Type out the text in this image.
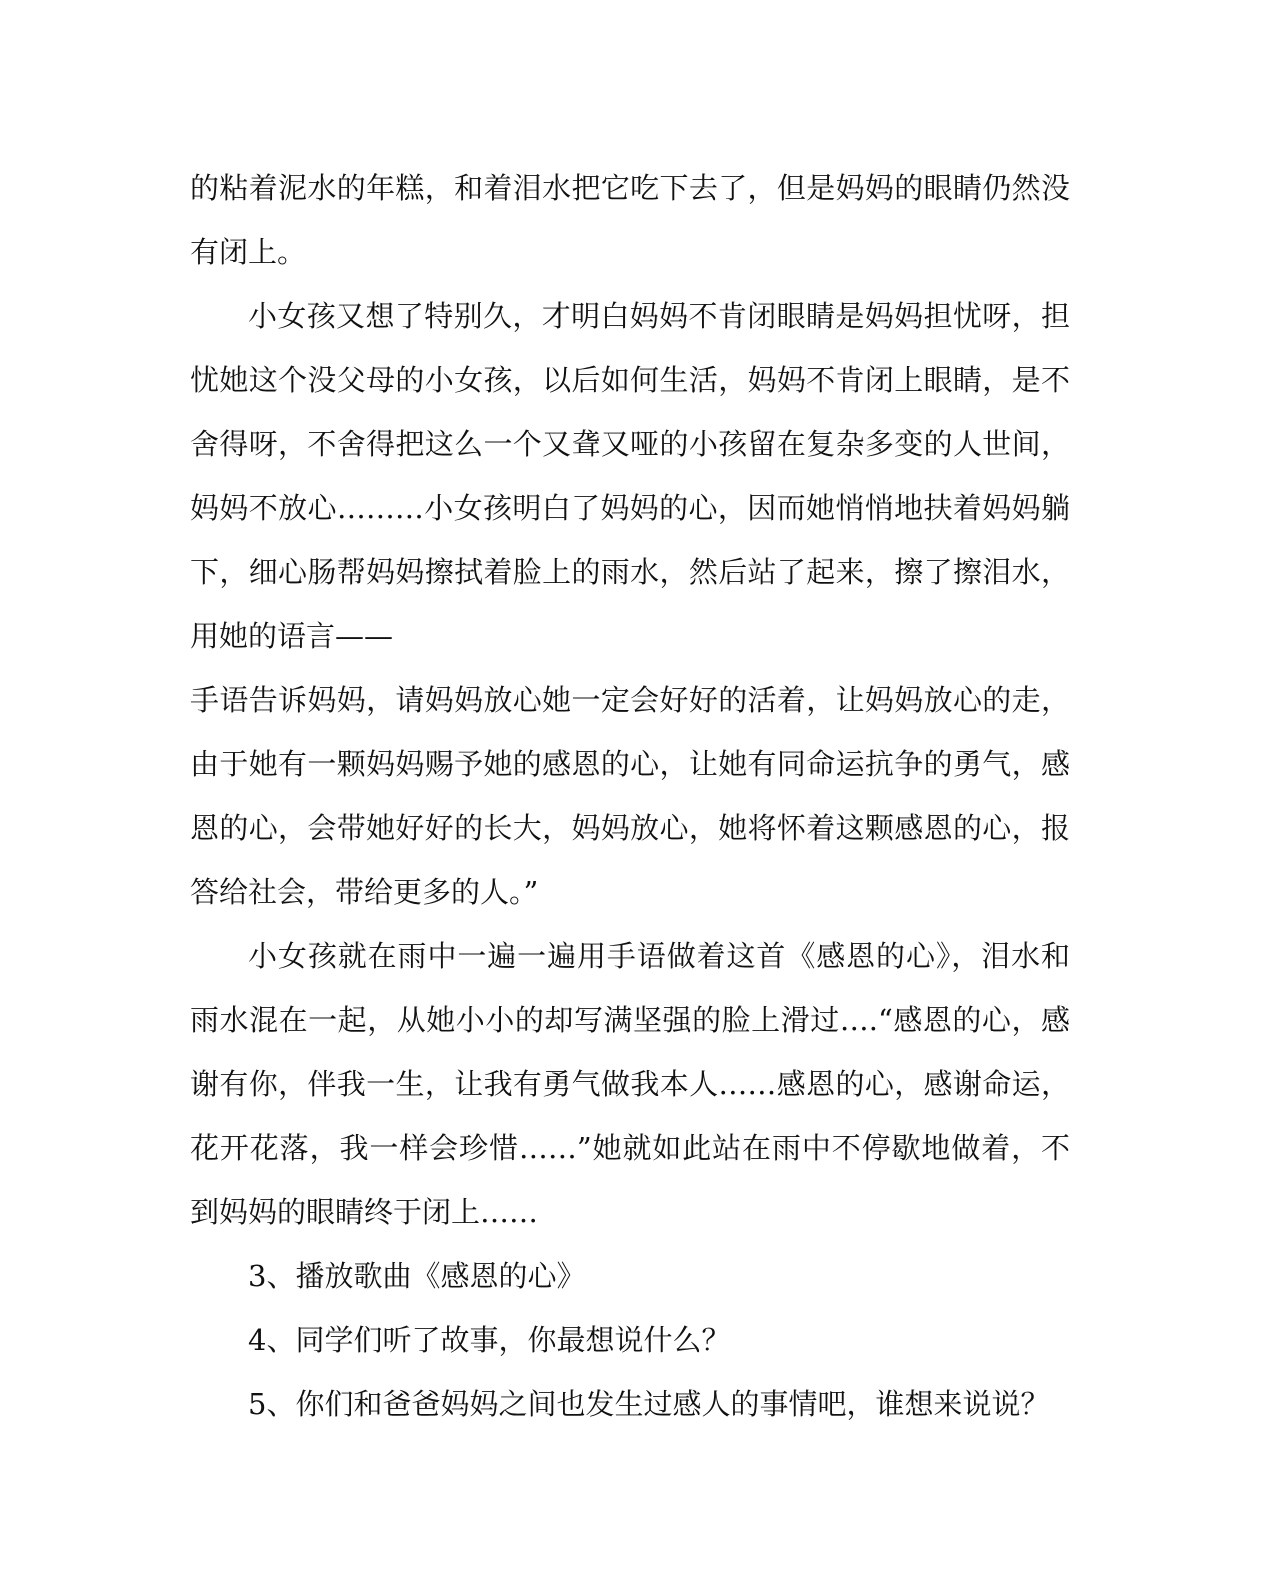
的粘着泥水的年糕，和着泪水把它吃下去了，但是妈妈的眼睛仍然没
有闭上。
小女孩又想了特别久，才明白妈妈不肯闭眼睛是妈妈担忧呀，担
忧她这个没父母的小女孩，以后如何生活，妈妈不肯闭上眼睛，是不
舍得呀，不舍得把这么一个又聋又哑的小孩留在复杂多变的人世间，
妈妈不放心………小女孩明白了妈妈的心，因而她悄悄地扶着妈妈躺
下，细心肠帮妈妈擦拭着脸上的雨水，然后站了起来，擦了擦泪水，
用她的语言——
手语告诉妈妈，请妈妈放心她一定会好好的活着，让妈妈放心的走，
由于她有一颗妈妈赐予她的感恩的心，让她有同命运抗争的勇气，感
恩的心，会带她好好的长大，妈妈放心，她将怀着这颗感恩的心，报
答给社会，带给更多的人。”
小女孩就在雨中一遍一遍用手语做着这首《感恩的心》，泪水和
雨水混在一起，从她小小的却写满坚强的脸上滑过….“感恩的心，感
谢有你，伴我一生，让我有勇气做我本人……感恩的心，感谢命运，
花开花落，我一样会珍惜……”她就如此站在雨中不停歇地做着，不
到妈妈的眼睛终于闭上……
3、播放歌曲《感恩的心》
4、同学们听了故事，你最想说什么？
5、你们和爸爸妈妈之间也发生过感人的事情吧，谁想来说说？
